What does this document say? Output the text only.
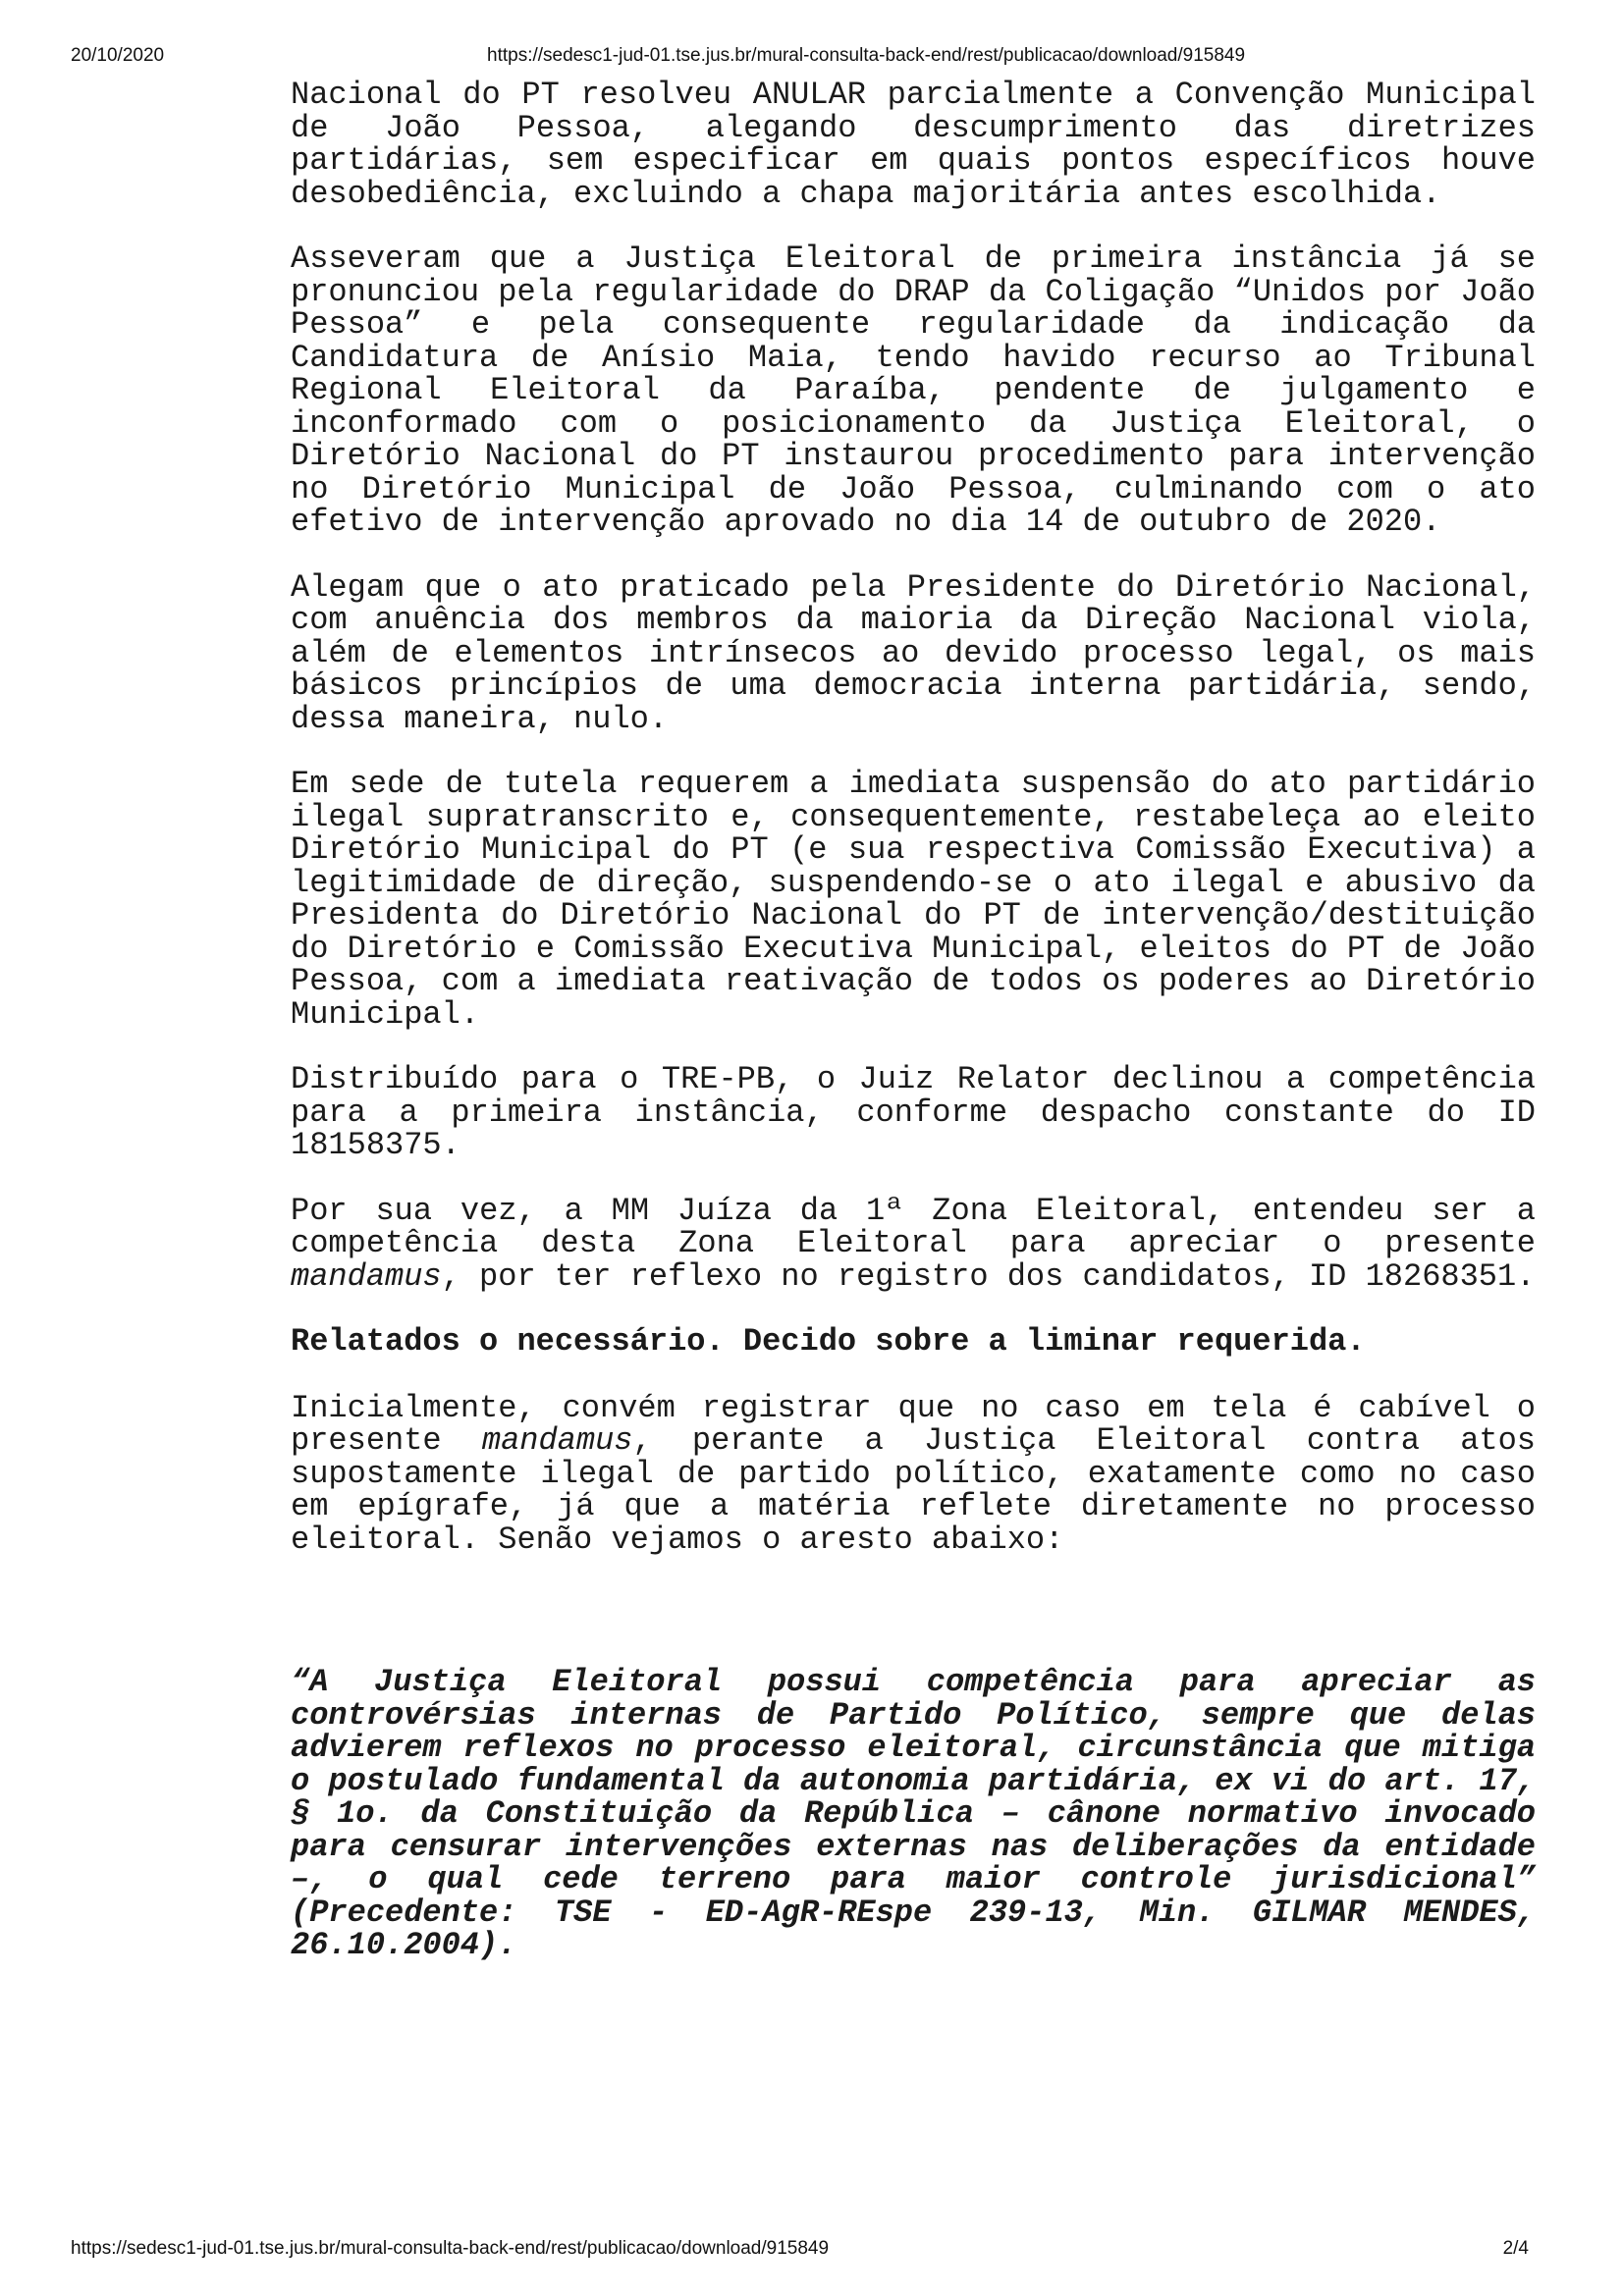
20/10/2020	https://sedesc1-jud-01.tse.jus.br/mural-consulta-back-end/rest/publicacao/download/915849

Nacional do PT resolveu ANULAR parcialmente a Convenção Municipal de João Pessoa, alegando descumprimento das diretrizes partidárias, sem especificar em quais pontos específicos houve desobediência, excluindo a chapa majoritária antes escolhida.

Asseveram que a Justiça Eleitoral de primeira instância já se pronunciou pela regularidade do DRAP da Coligação “Unidos por João Pessoa” e pela consequente regularidade da indicação da Candidatura de Anísio Maia, tendo havido recurso ao Tribunal Regional Eleitoral da Paraíba, pendente de julgamento e inconformado com o posicionamento da Justiça Eleitoral, o Diretório Nacional do PT instaurou procedimento para intervenção no Diretório Municipal de João Pessoa, culminando com o ato efetivo de intervenção aprovado no dia 14 de outubro de 2020.

Alegam que o ato praticado pela Presidente do Diretório Nacional, com anuência dos membros da maioria da Direção Nacional viola, além de elementos intrínsecos ao devido processo legal, os mais básicos princípios de uma democracia interna partidária, sendo, dessa maneira, nulo.

Em sede de tutela requerem a imediata suspensão do ato partidário ilegal supratranscrito e, consequentemente, restabeleça ao eleito Diretório Municipal do PT (e sua respectiva Comissão Executiva) a legitimidade de direção, suspendendo-se o ato ilegal e abusivo da Presidenta do Diretório Nacional do PT de intervenção/destituição do Diretório e Comissão Executiva Municipal, eleitos do PT de João Pessoa, com a imediata reativação de todos os poderes ao Diretório Municipal.

Distribuído para o TRE-PB, o Juiz Relator declinou a competência para a primeira instância, conforme despacho constante do ID 18158375.

Por sua vez, a MM Juíza da 1ª Zona Eleitoral, entendeu ser a competência desta Zona Eleitoral para apreciar o presente mandamus, por ter reflexo no registro dos candidatos, ID 18268351.

Relatados o necessário. Decido sobre a liminar requerida.

Inicialmente, convém registrar que no caso em tela é cabível o presente mandamus, perante a Justiça Eleitoral contra atos supostamente ilegal de partido político, exatamente como no caso em epígrafe, já que a matéria reflete diretamente no processo eleitoral. Senão vejamos o aresto abaixo:

“A Justiça Eleitoral possui competência para apreciar as controvérsias internas de Partido Político, sempre que delas advierem reflexos no processo eleitoral, circunstância que mitiga o postulado fundamental da autonomia partidária, ex vi do art. 17, § 1o. da Constituição da República – cânone normativo invocado para censurar intervenções externas nas deliberações da entidade –, o qual cede terreno para maior controle jurisdicional” (Precedente: TSE - ED-AgR-REspe 239-13, Min. GILMAR MENDES, 26.10.2004).

https://sedesc1-jud-01.tse.jus.br/mural-consulta-back-end/rest/publicacao/download/915849	2/4
